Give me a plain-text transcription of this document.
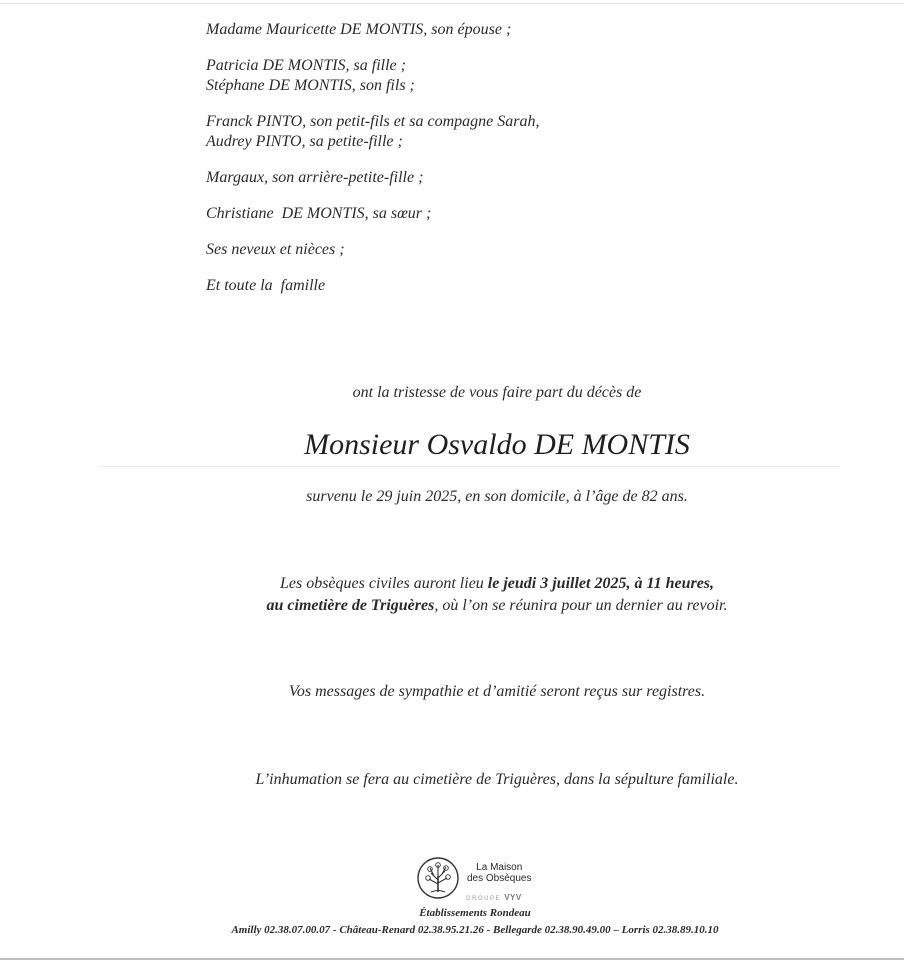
Madame Mauricette DE MONTIS, son épouse ;
Patricia DE MONTIS, sa fille ;
Stéphane DE MONTIS, son fils ;
Franck PINTO, son petit-fils et sa compagne Sarah,
Audrey PINTO, sa petite-fille ;
Margaux, son arrière-petite-fille ;
Christiane  DE MONTIS, sa sœur ;
Ses neveux et nièces ;
Et toute la  famille
ont la tristesse de vous faire part du décès de
Monsieur Osvaldo DE MONTIS
survenu le 29 juin 2025, en son domicile, à l’âge de 82 ans.
Les obsèques civiles auront lieu le jeudi 3 juillet 2025, à 11 heures,
au cimetière de Triguères, où l’on se réunira pour un dernier au revoir.
Vos messages de sympathie et d’amitié seront reçus sur registres.
L’inhumation se fera au cimetière de Triguères, dans la sépulture familiale.
La Maison
des Obsèques
GROUPE VYV
Établissements Rondeau
Amilly 02.38.07.00.07 - Château-Renard 02.38.95.21.26 - Bellegarde 02.38.90.49.00 – Lorris 02.38.89.10.10
